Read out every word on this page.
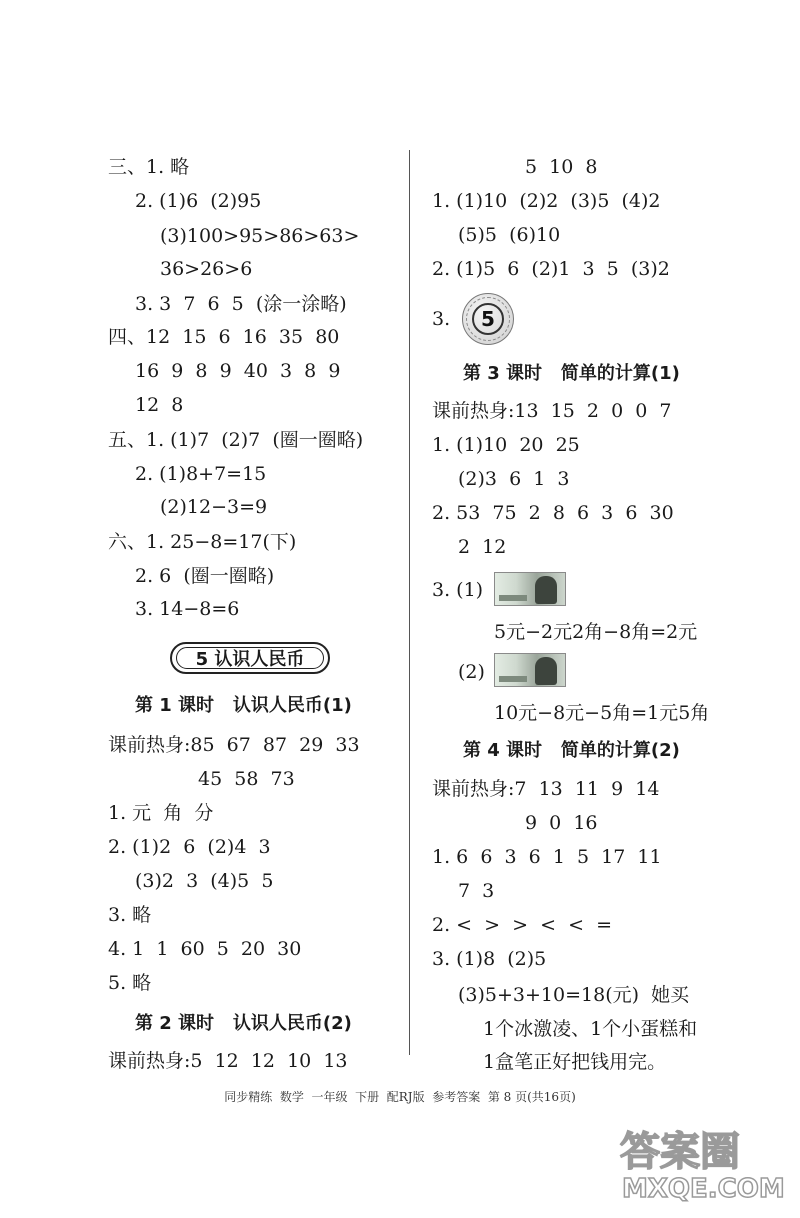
三、1. 略
2. (1)6  (2)95
(3)100>95>86>63>
36>26>6
3. 3  7  6  5  (涂一涂略)
四、12  15  6  16  35  80
16  9  8  9  40  3  8  9
12  8
五、1. (1)7  (2)7  (圈一圈略)
2. (1)8+7=15
(2)12−3=9
六、1. 25−8=17(下)
2. 6  (圈一圈略)
3. 14−8=6
5 认识人民币
第 1 课时   认识人民币(1)
课前热身:85  67  87  29  33
45  58  73
1. 元  角  分
2. (1)2  6  (2)4  3
(3)2  3  (4)5  5
3. 略
4. 1  1  60  5  20  30
5. 略
第 2 课时   认识人民币(2)
课前热身:5  12  12  10  13
5  10  8
1. (1)10  (2)2  (3)5  (4)2
(5)5  (6)10
2. (1)5  6  (2)1  3  5  (3)2
3.	5
第 3 课时   简单的计算(1)
课前热身:13  15  2  0  0  7
1. (1)10  20  25
(2)3  6  1  3
2. 53  75  2  8  6  3  6  30
2  12
3. (1)
5元−2元2角−8角=2元
(2)
10元−8元−5角=1元5角
第 4 课时   简单的计算(2)
课前热身:7  13  11  9  14
9  0  16
1. 6  6  3  6  1  5  17  11
7  3
2. <  >  >  <  <  =
3. (1)8  (2)5
(3)5+3+10=18(元)  她买
1个冰激凌、1个小蛋糕和
1盒笔正好把钱用完。
同步精练  数学  一年级  下册  配RJ版  参考答案  第 8 页(共16页)
答案圈
MXQE.COM
